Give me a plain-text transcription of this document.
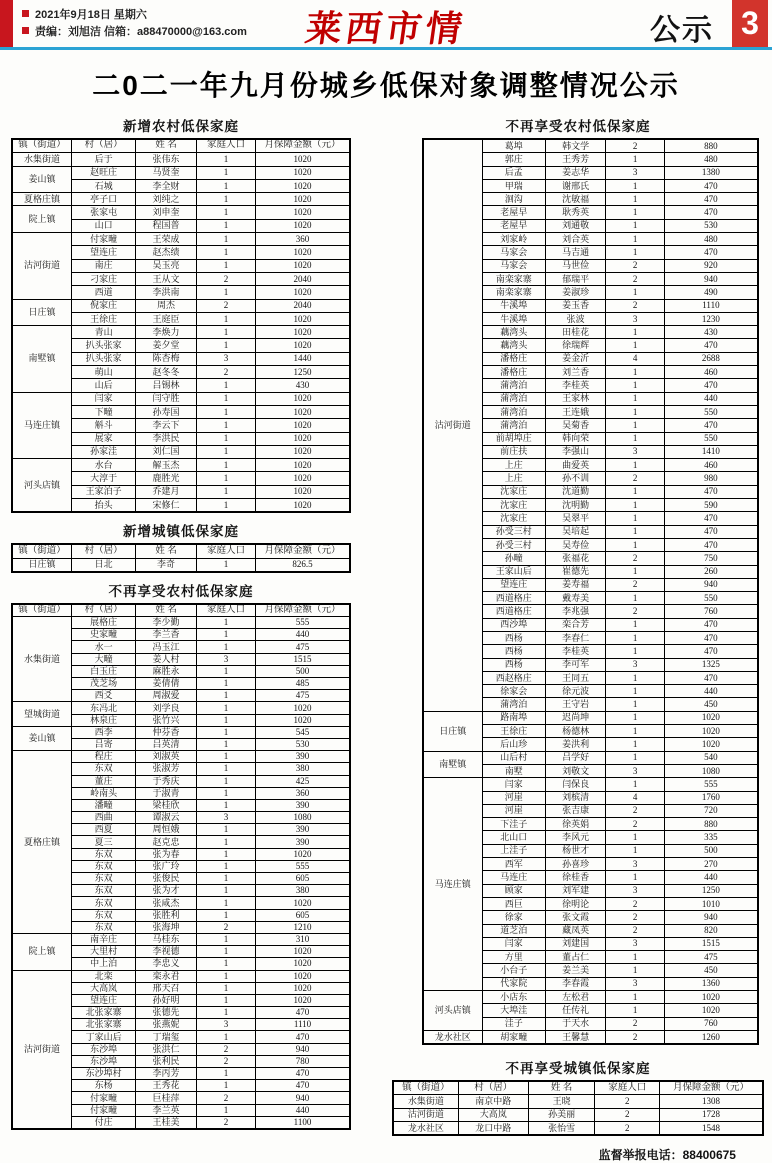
2021年9月18日 星期六
责编：刘旭洁 信箱：a88470000@163.com 莱西市情	公示 3
二0二一年九月份城乡低保对象调整情况公示
新增农村低保家庭
镇（街道）	村（居）	姓 名	家庭人口	月保障金额（元）
水集街道	后于	张伟东	1	1020
姜山镇	赵旺庄	马贤奎	1	1020
	石城	李全财	1	1020
夏格庄镇	亭子口	刘纯之	1	1020
院上镇	张家屯	刘申奎	1	1020
	山口	程国普	1	1020
沽河街道	付家疃	王荣成	1	360
	望连庄	赵杰绩	1	1020
	南庄	吴玉亮	1	1020
	刁家庄	王从文	2	2040
	西道	李洪南	1	1020
日庄镇	倪家庄	周杰	2	2040
	王徐庄	王庭臣	1	1020
南墅镇	青山	李焕力	1	1020
	扒头张家	姜夕堂	1	1020
	扒头张家	陈杏梅	3	1440
	萌山	赵冬冬	2	1250
	山后	吕锡林	1	430
马连庄镇	闫家	闫守胜	1	1020
	下疃	孙寿国	1	1020
	斛斗	李云下	1	1020
	展家	李洪民	1	1020
	孙家洼	刘仁国	1	1020
河头店镇	水台	解玉杰	1	1020
	大淳于	鹿胜光	1	1020
	王家泊子	乔建月	1	1020
	抬头	宋修仁	1	1020
新增城镇低保家庭
镇（街道）	村（居）	姓 名	家庭人口	月保障金额（元）
日庄镇	日北	李奇	1	826.5
不再享受农村低保家庭
镇（街道）	村（居）	姓 名	家庭人口	月保障金额（元）
水集街道	展格庄	李少勤	1	555
	史家疃	李兰香	1	440
	水一	冯玉江	1	475
	大疃	姜人村	3	1515
	白玉庄	麻胜永	1	500
	茂芝场	姜倩倩	1	485
	西爻	周淑爱	1	475
望城街道	东冯北	刘学良	1	1020
	林泉庄	张竹兴	1	1020
姜山镇	西李	仲芬香	1	545
	吕寄	吕英清	1	530
夏格庄镇	程庄	刘淑英	1	390
	东双	张淑芳	1	380
	董庄	于秀庆	1	425
	岭南头	于淑青	1	360
	潘疃	梁桂欣	1	390
	西曲	谭淑云	3	1080
	西夏	周恒娥	1	390
	夏三	赵克忠	1	390
	东双	张为春	1	1020
	东双	张广玲	1	555
	东双	张俊民	1	605
	东双	张为才	1	380
	东双	张咸杰	1	1020
	东双	张胜利	1	605
	东双	张海坤	2	1210
院上镇	南辛庄	马桂东	1	310
	大里村	李视德	1	1020
	中上泊	李忠义	1	1020
沽河街道	北栾	栾永君	1	1020
	大高岚	邢天召	1	1020
	望连庄	孙好明	1	1020
	北张家寨	张德先	1	470
	北张家寨	张燕妮	3	1110
	丁家山后	丁瑞玺	1	470
	东沙埠	张洪仁	2	940
	东沙埠	张利民	2	780
	东沙埠村	李丙芳	1	470
	东杨	王秀花	1	470
	付家疃	巨桂萍	2	940
	付家疃	李兰英	1	440
	付庄	王桂美	2	1100
不再享受农村低保家庭
沽河街道	葛埠	韩文学	2	880
	郭庄	王秀芳	1	480
	后孟	姜志华	3	1380
	甲瑞	谢邢氏	1	470
	洄沟	沈敏福	1	470
	老屋早	耿秀英	1	470
	老屋早	刘通敬	1	530
	刘家岭	刘合英	1	480
	马家会	马吉通	1	470
	马家会	马世俭	2	920
	南栾家寨	郁瑞平	2	940
	南栾家寨	姜淑珍	1	490
	牛溪埠	姜玉香	2	1110
	牛溪埠	张波	3	1230
	藕湾头	田桂花	1	430
	藕湾头	徐瑞辉	1	470
	潘格庄	姜金沂	4	2688
	潘格庄	刘兰香	1	460
	蒲湾泊	李桂英	1	470
	蒲湾泊	王家林	1	440
	蒲湾泊	王连娥	1	550
	蒲湾泊	吴菊香	1	470
	前胡埠庄	韩向荣	1	550
	前庄扶	李强山	3	1410
	上庄	曲爱英	1	460
	上庄	孙不训	2	980
	沈家庄	沈道勤	1	470
	沈家庄	沈明勤	1	590
	沈家庄	吴翠平	1	470
	孙受三村	吴培起	1	470
	孙受三村	吴寿俭	1	470
	孙疃	张福花	2	750
	王家山后	崔德先	1	260
	望连庄	姜寿福	2	940
	西道格庄	戴寿美	1	550
	西道格庄	李兆强	2	760
	西沙埠	栾合芳	1	470
	西杨	李春仁	1	470
	西杨	李桂英	1	470
	西杨	李可军	3	1325
	西赵格庄	王同五	1	470
	徐家会	徐元波	1	440
	蒲湾泊	王守岩	1	450
日庄镇	路南埠	迟尚坤	1	1020
	王徐庄	杨德林	1	1020
	后山珍	姜洪利	1	1020
南墅镇	山后村	吕学好	1	540
	南墅	刘敬文	3	1080
马连庄镇	闫家	闫保良	1	555
	河崖	刘槟清	4	1760
	河崖	张吉康	2	720
	下洼子	徐英娟	2	880
	北山口	李风元	1	335
	上洼子	杨世才	1	500
	西军	孙喜珍	3	270
	马连庄	徐桂香	1	440
	顾家	刘军建	3	1250
	西巨	徐明论	2	1010
	徐家	张文霞	2	940
	道芝泊	藏凤英	2	820
	闫家	刘建国	3	1515
	方里	董占仁	1	475
	小台子	姜兰美	1	450
	代家院	李春霞	3	1360
河头店镇	小店东	左松君	1	1020
	大埠洼	任传礼	1	1020
	洼子	于天水	2	760
龙水社区	胡家疃	王馨慧	2	1260
不再享受城镇低保家庭
镇（街道）	村（居）	姓 名	家庭人口	月保障金额（元）
水集街道	南京中路	王晓	2	1308
沽河街道	大高岚	孙美丽	2	1728
龙水社区	龙口中路	张怡雪	2	1548
监督举报电话：88400675
